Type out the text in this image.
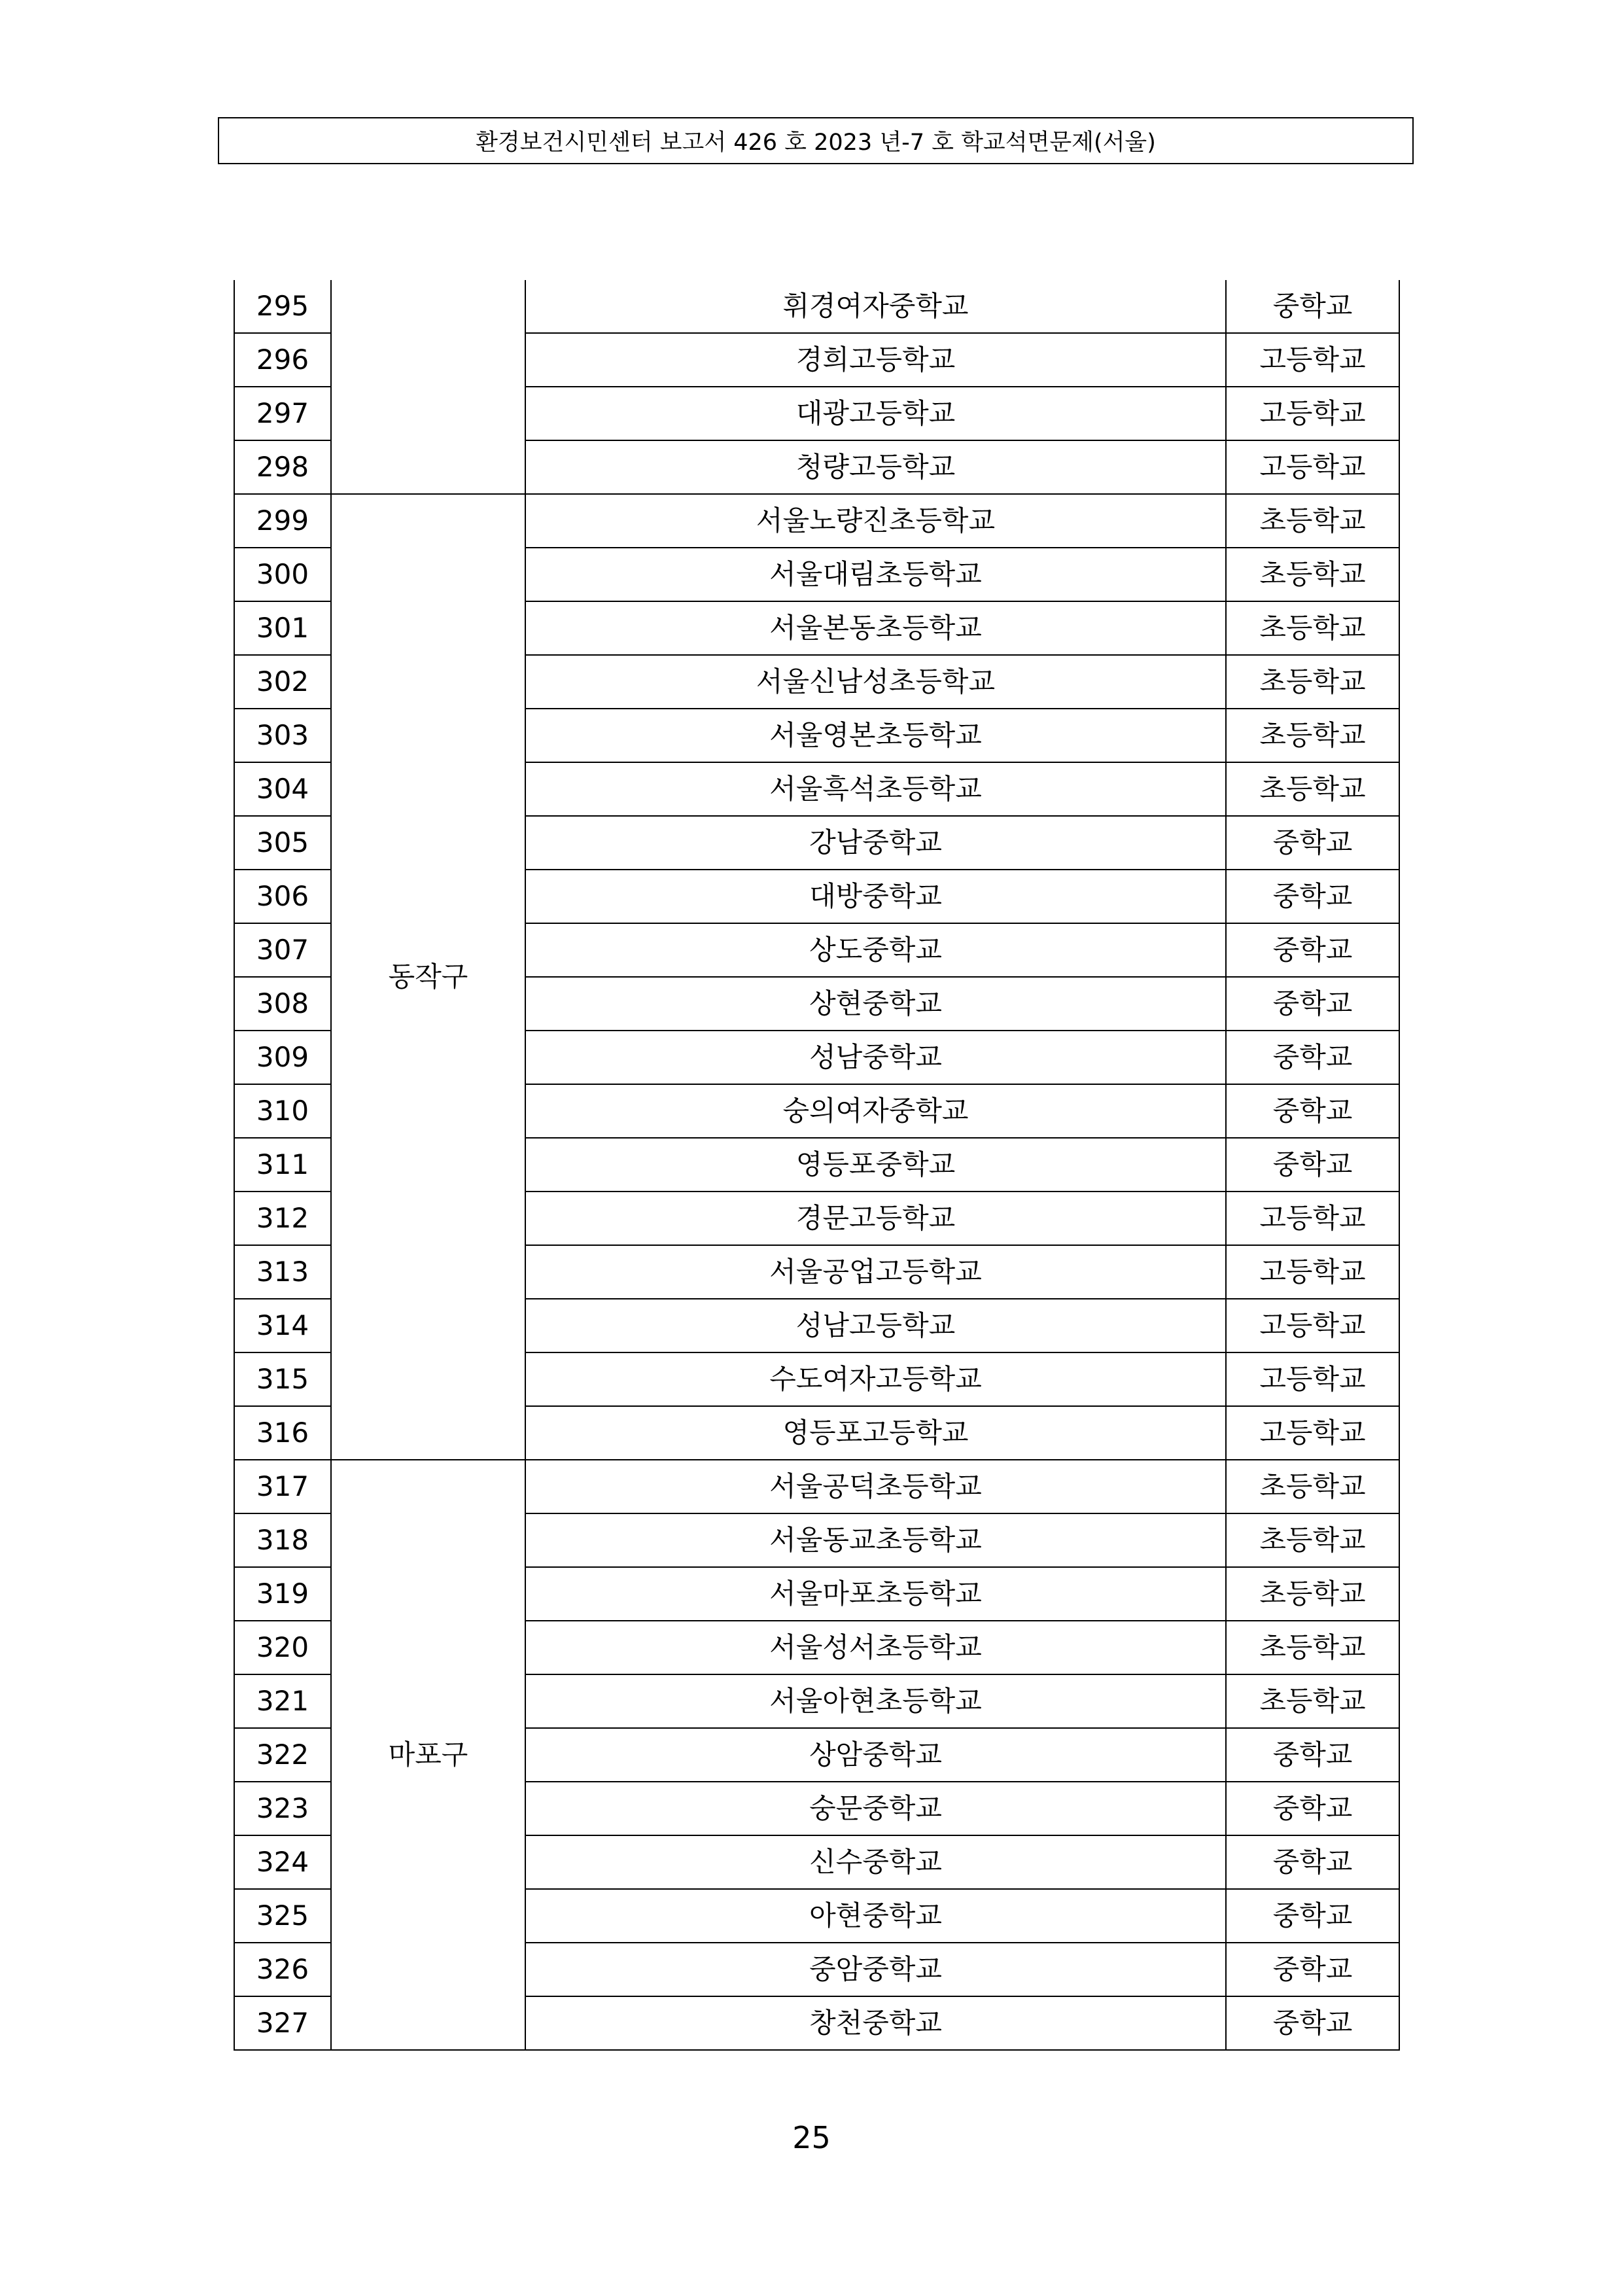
환경보건시민센터 보고서 426 호 2023 년-7 호 학교석면문제(서울)
295		휘경여자중학교	중학교
296		경희고등학교	고등학교
297		대광고등학교	고등학교
298		청량고등학교	고등학교
299	동작구	서울노량진초등학교	초등학교
300		서울대림초등학교	초등학교
301		서울본동초등학교	초등학교
302		서울신남성초등학교	초등학교
303		서울영본초등학교	초등학교
304		서울흑석초등학교	초등학교
305		강남중학교	중학교
306		대방중학교	중학교
307		상도중학교	중학교
308		상현중학교	중학교
309		성남중학교	중학교
310		숭의여자중학교	중학교
311		영등포중학교	중학교
312		경문고등학교	고등학교
313		서울공업고등학교	고등학교
314		성남고등학교	고등학교
315		수도여자고등학교	고등학교
316		영등포고등학교	고등학교
317	마포구	서울공덕초등학교	초등학교
318		서울동교초등학교	초등학교
319		서울마포초등학교	초등학교
320		서울성서초등학교	초등학교
321		서울아현초등학교	초등학교
322		상암중학교	중학교
323		숭문중학교	중학교
324		신수중학교	중학교
325		아현중학교	중학교
326		중암중학교	중학교
327		창천중학교	중학교
25
